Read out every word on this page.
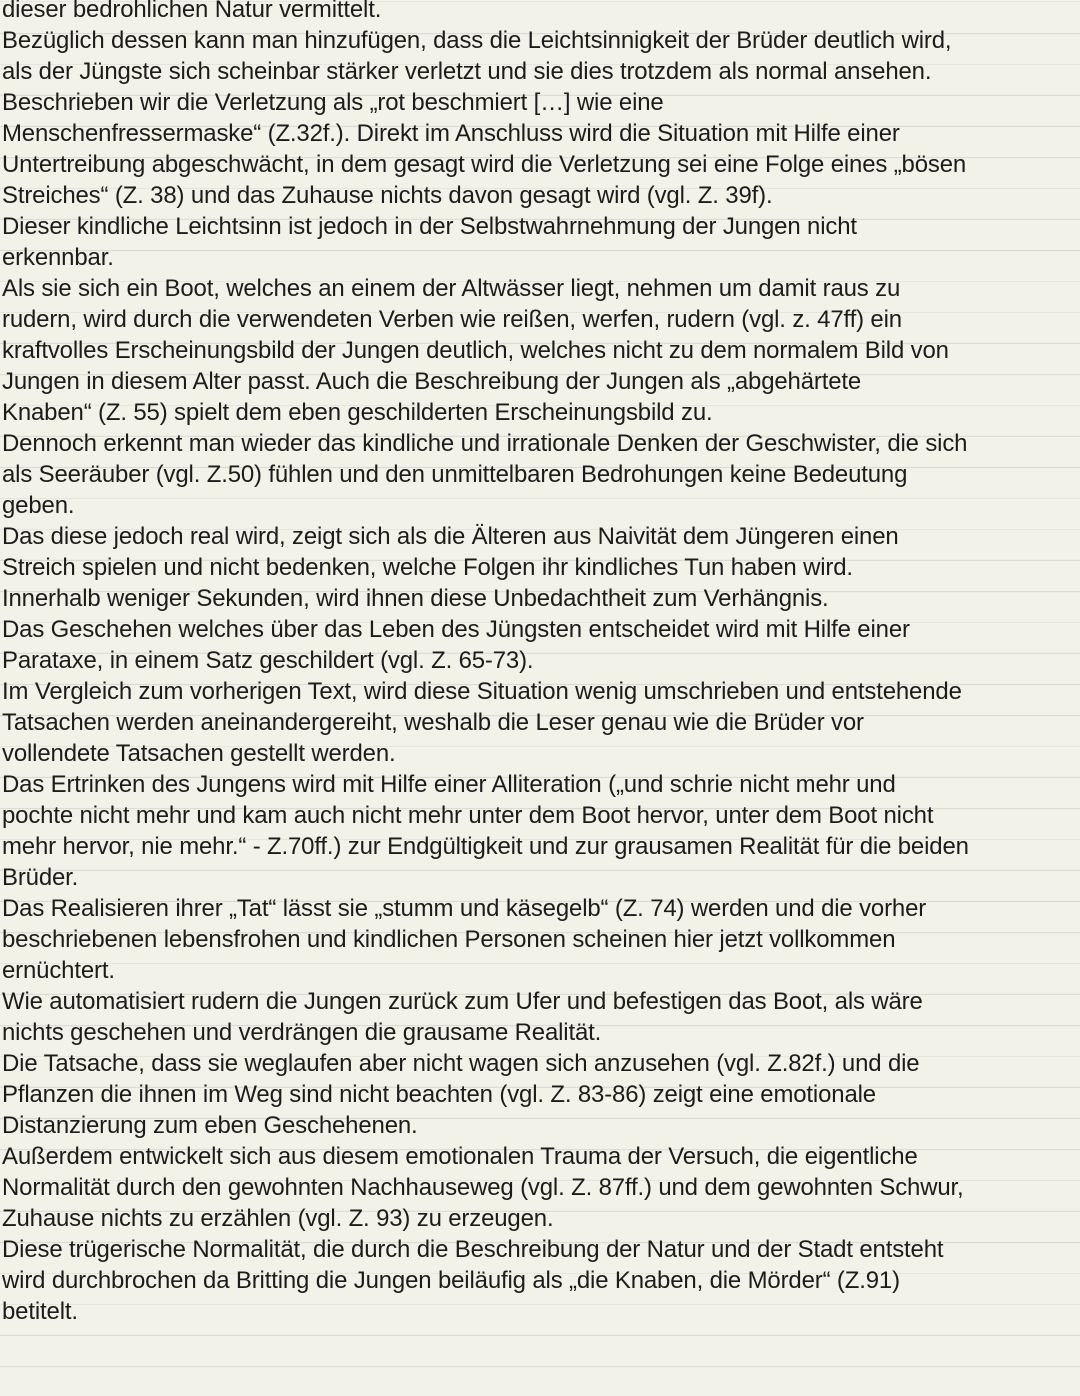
dieser bedrohlichen Natur vermittelt.
Bezüglich dessen kann man hinzufügen, dass die Leichtsinnigkeit der Brüder deutlich wird,
als der Jüngste sich scheinbar stärker verletzt und sie dies trotzdem als normal ansehen.
Beschrieben wir die Verletzung als „rot beschmiert […] wie eine
Menschenfressermaske“ (Z.32f.). Direkt im Anschluss wird die Situation mit Hilfe einer
Untertreibung abgeschwächt, in dem gesagt wird die Verletzung sei eine Folge eines „bösen
Streiches“ (Z. 38) und das Zuhause nichts davon gesagt wird (vgl. Z. 39f).
Dieser kindliche Leichtsinn ist jedoch in der Selbstwahrnehmung der Jungen nicht
erkennbar.
Als sie sich ein Boot, welches an einem der Altwässer liegt, nehmen um damit raus zu
rudern, wird durch die verwendeten Verben wie reißen, werfen, rudern (vgl. z. 47ff) ein
kraftvolles Erscheinungsbild der Jungen deutlich, welches nicht zu dem normalem Bild von
Jungen in diesem Alter passt. Auch die Beschreibung der Jungen als „abgehärtete
Knaben“ (Z. 55) spielt dem eben geschilderten Erscheinungsbild zu.
Dennoch erkennt man wieder das kindliche und irrationale Denken der Geschwister, die sich
als Seeräuber (vgl. Z.50) fühlen und den unmittelbaren Bedrohungen keine Bedeutung
geben.
Das diese jedoch real wird, zeigt sich als die Älteren aus Naivität dem Jüngeren einen
Streich spielen und nicht bedenken, welche Folgen ihr kindliches Tun haben wird.
Innerhalb weniger Sekunden, wird ihnen diese Unbedachtheit zum Verhängnis.
Das Geschehen welches über das Leben des Jüngsten entscheidet wird mit Hilfe einer
Parataxe, in einem Satz geschildert (vgl. Z. 65-73).
Im Vergleich zum vorherigen Text, wird diese Situation wenig umschrieben und entstehende
Tatsachen werden aneinandergereiht, weshalb die Leser genau wie die Brüder vor
vollendete Tatsachen gestellt werden.
Das Ertrinken des Jungens wird mit Hilfe einer Alliteration („und schrie nicht mehr und
pochte nicht mehr und kam auch nicht mehr unter dem Boot hervor, unter dem Boot nicht
mehr hervor, nie mehr.“ - Z.70ff.) zur Endgültigkeit und zur grausamen Realität für die beiden
Brüder.
Das Realisieren ihrer „Tat“ lässt sie „stumm und käsegelb“ (Z. 74) werden und die vorher
beschriebenen lebensfrohen und kindlichen Personen scheinen hier jetzt vollkommen
ernüchtert.
Wie automatisiert rudern die Jungen zurück zum Ufer und befestigen das Boot, als wäre
nichts geschehen und verdrängen die grausame Realität.
Die Tatsache, dass sie weglaufen aber nicht wagen sich anzusehen (vgl. Z.82f.) und die
Pflanzen die ihnen im Weg sind nicht beachten (vgl. Z. 83-86) zeigt eine emotionale
Distanzierung zum eben Geschehenen.
Außerdem entwickelt sich aus diesem emotionalen Trauma der Versuch, die eigentliche
Normalität durch den gewohnten Nachhauseweg (vgl. Z. 87ff.) und dem gewohnten Schwur,
Zuhause nichts zu erzählen (vgl. Z. 93) zu erzeugen.
Diese trügerische Normalität, die durch die Beschreibung der Natur und der Stadt entsteht
wird durchbrochen da Britting die Jungen beiläufig als „die Knaben, die Mörder“ (Z.91)
betitelt.
